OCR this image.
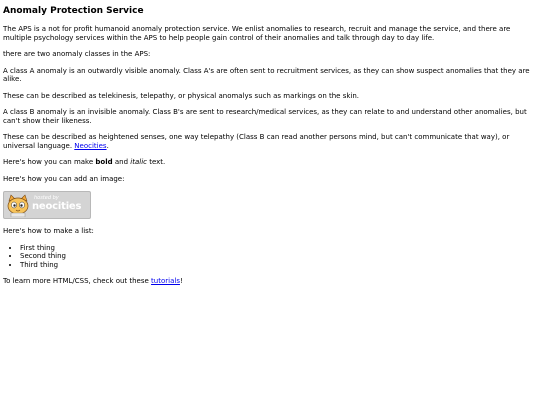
Anomaly Protection Service

The APS is a not for profit humanoid anomaly protection service. We enlist anomalies to research, recruit and manage the service, and there are multiple psychology services within the APS to help people gain control of their anomalies and talk through day to day life.

there are two anomaly classes in the APS:

A class A anomaly is an outwardly visible anomaly. Class A's are often sent to recruitment services, as they can show suspect anomalies that they are alike.

These can be described as telekinesis, telepathy, or physical anomalys such as markings on the skin.

A class B anomaly is an invisible anomaly. Class B's are sent to research/medical services, as they can relate to and understand other anomalies, but can't show their likeness.

These can be described as heightened senses, one way telepathy (Class B can read another persons mind, but can't communicate that way), or universal language. Neocities.

Here's how you can make bold and italic text.

Here's how you can add an image:

hosted by
neocities

Here's how to make a list:

• First thing
• Second thing
• Third thing

To learn more HTML/CSS, check out these tutorials!
